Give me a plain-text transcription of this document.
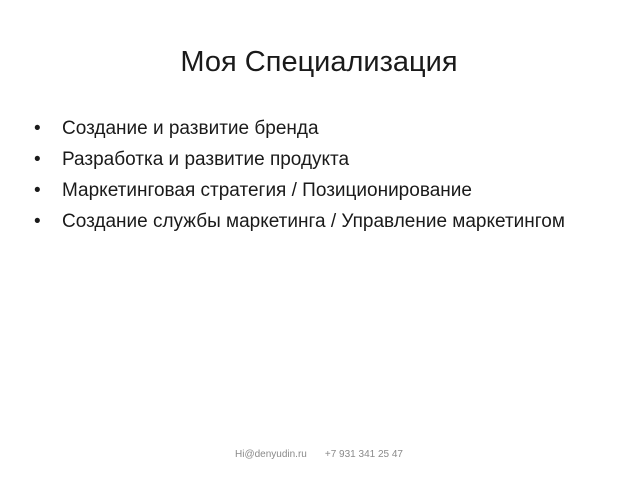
Моя Специализация
• Создание и развитие бренда
• Разработка и развитие продукта
• Маркетинговая стратегия / Позиционирование
• Создание службы маркетинга / Управление маркетингом
Hi@denyudin.ru +7 931 341 25 47
